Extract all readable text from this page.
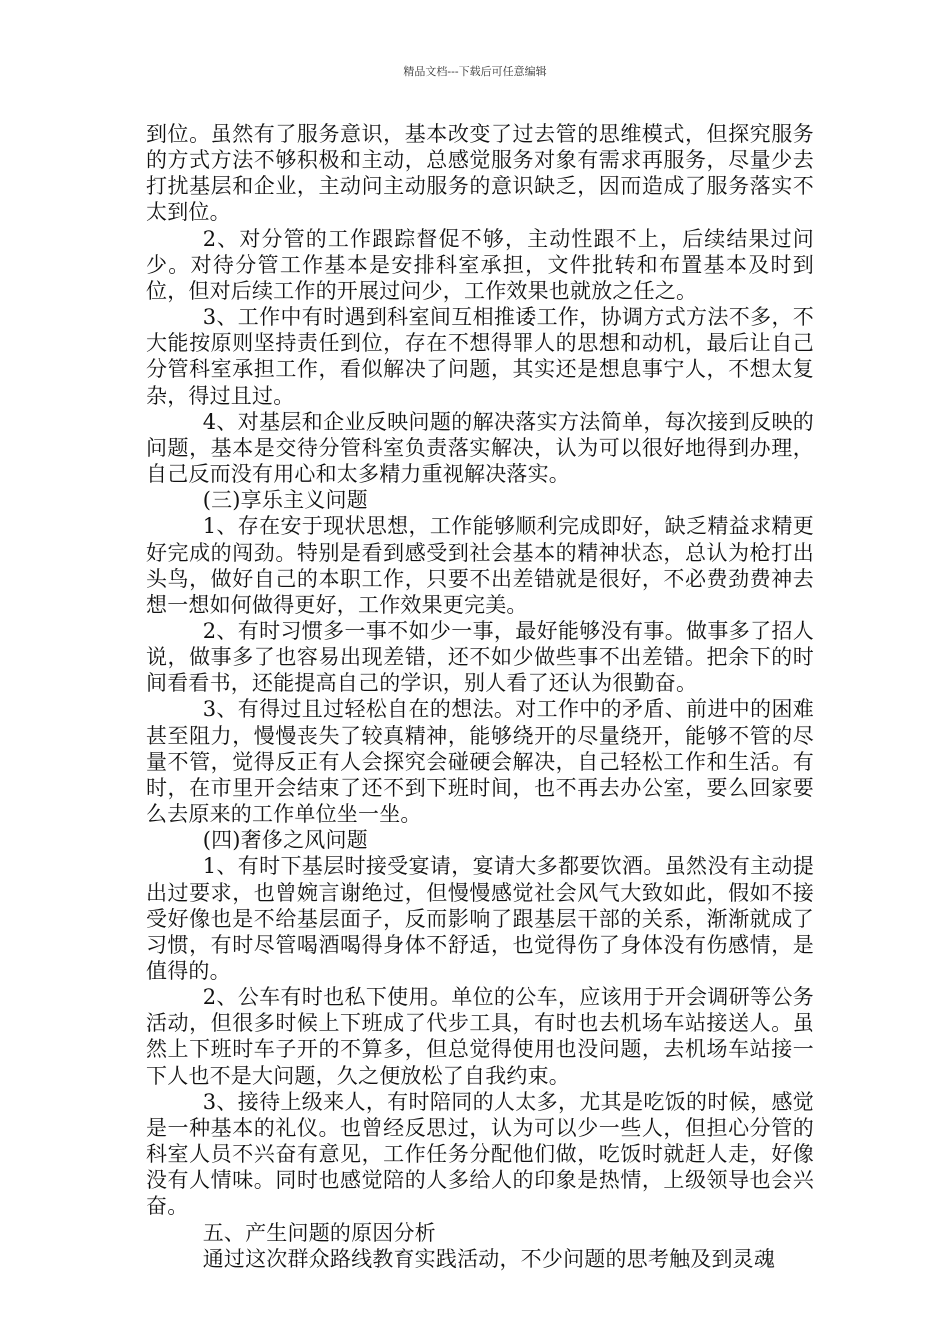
精品文档---下载后可任意编辑

到位。虽然有了服务意识，基本改变了过去管的思维模式，但探究服务的方式方法不够积极和主动，总感觉服务对象有需求再服务，尽量少去打扰基层和企业，主动问主动服务的意识缺乏，因而造成了服务落实不太到位。

2、对分管的工作跟踪督促不够，主动性跟不上，后续结果过问少。对待分管工作基本是安排科室承担，文件批转和布置基本及时到位，但对后续工作的开展过问少，工作效果也就放之任之。

3、工作中有时遇到科室间互相推诿工作，协调方式方法不多，不大能按原则坚持责任到位，存在不想得罪人的思想和动机，最后让自己分管科室承担工作，看似解决了问题，其实还是想息事宁人，不想太复杂，得过且过。

4、对基层和企业反映问题的解决落实方法简单，每次接到反映的问题，基本是交待分管科室负责落实解决，认为可以很好地得到办理，自己反而没有用心和太多精力重视解决落实。

(三)享乐主义问题

1、存在安于现状思想，工作能够顺利完成即好，缺乏精益求精更好完成的闯劲。特别是看到感受到社会基本的精神状态，总认为枪打出头鸟，做好自己的本职工作，只要不出差错就是很好，不必费劲费神去想一想如何做得更好，工作效果更完美。

2、有时习惯多一事不如少一事，最好能够没有事。做事多了招人说，做事多了也容易出现差错，还不如少做些事不出差错。把余下的时间看看书，还能提高自己的学识，别人看了还认为很勤奋。

3、有得过且过轻松自在的想法。对工作中的矛盾、前进中的困难甚至阻力，慢慢丧失了较真精神，能够绕开的尽量绕开，能够不管的尽量不管，觉得反正有人会探究会碰硬会解决，自己轻松工作和生活。有时，在市里开会结束了还不到下班时间，也不再去办公室，要么回家要么去原来的工作单位坐一坐。

(四)奢侈之风问题

1、有时下基层时接受宴请，宴请大多都要饮酒。虽然没有主动提出过要求，也曾婉言谢绝过，但慢慢感觉社会风气大致如此，假如不接受好像也是不给基层面子，反而影响了跟基层干部的关系，渐渐就成了习惯，有时尽管喝酒喝得身体不舒适，也觉得伤了身体没有伤感情，是值得的。

2、公车有时也私下使用。单位的公车，应该用于开会调研等公务活动，但很多时候上下班成了代步工具，有时也去机场车站接送人。虽然上下班时车子开的不算多，但总觉得使用也没问题，去机场车站接一下人也不是大问题，久之便放松了自我约束。

3、接待上级来人，有时陪同的人太多，尤其是吃饭的时候，感觉是一种基本的礼仪。也曾经反思过，认为可以少一些人，但担心分管的科室人员不兴奋有意见，工作任务分配他们做，吃饭时就赶人走，好像没有人情味。同时也感觉陪的人多给人的印象是热情，上级领导也会兴奋。

五、产生问题的原因分析

通过这次群众路线教育实践活动，不少问题的思考触及到灵魂
